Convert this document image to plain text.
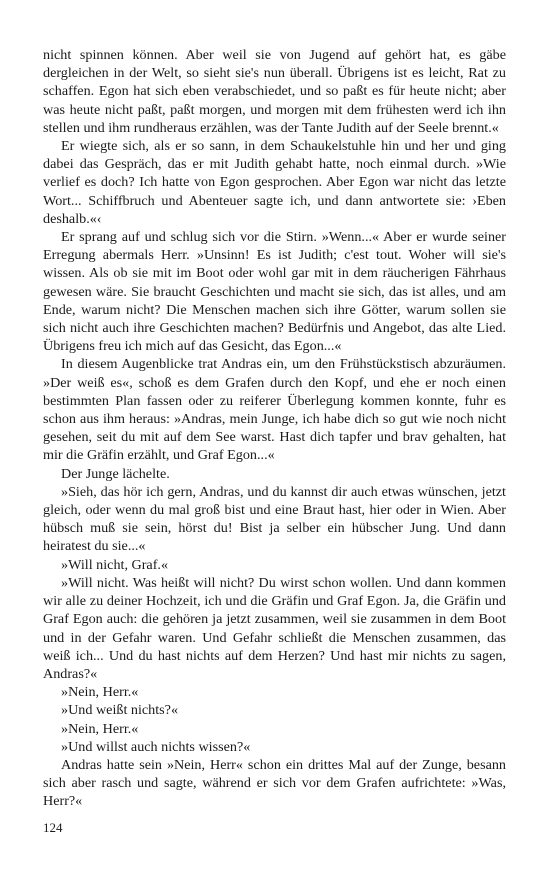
nicht spinnen können. Aber weil sie von Jugend auf gehört hat, es gäbe dergleichen in der Welt, so sieht sie's nun überall. Übrigens ist es leicht, Rat zu schaffen. Egon hat sich eben verabschiedet, und so paßt es für heute nicht; aber was heute nicht paßt, paßt morgen, und morgen mit dem frühesten werd ich ihn stellen und ihm rundheraus erzählen, was der Tante Judith auf der Seele brennt.«

Er wiegte sich, als er so sann, in dem Schaukelstuhle hin und her und ging dabei das Gespräch, das er mit Judith gehabt hatte, noch einmal durch. »Wie verlief es doch? Ich hatte von Egon gesprochen. Aber Egon war nicht das letzte Wort... Schiffbruch und Abenteuer sagte ich, und dann antwortete sie: ›Eben deshalb.«‹

Er sprang auf und schlug sich vor die Stirn. »Wenn...« Aber er wurde seiner Erregung abermals Herr. »Unsinn! Es ist Judith; c'est tout. Woher will sie's wissen. Als ob sie mit im Boot oder wohl gar mit in dem räucherigen Fährhaus gewesen wäre. Sie braucht Geschichten und macht sie sich, das ist alles, und am Ende, warum nicht? Die Menschen machen sich ihre Götter, warum sollen sie sich nicht auch ihre Geschichten machen? Bedürfnis und Angebot, das alte Lied. Übrigens freu ich mich auf das Gesicht, das Egon...«

In diesem Augenblicke trat Andras ein, um den Frühstückstisch abzuräumen. »Der weiß es«, schoß es dem Grafen durch den Kopf, und ehe er noch einen bestimmten Plan fassen oder zu reiferer Überlegung kommen konnte, fuhr es schon aus ihm heraus: »Andras, mein Junge, ich habe dich so gut wie noch nicht gesehen, seit du mit auf dem See warst. Hast dich tapfer und brav gehalten, hat mir die Gräfin erzählt, und Graf Egon...«

Der Junge lächelte.

»Sieh, das hör ich gern, Andras, und du kannst dir auch etwas wünschen, jetzt gleich, oder wenn du mal groß bist und eine Braut hast, hier oder in Wien. Aber hübsch muß sie sein, hörst du! Bist ja selber ein hübscher Jung. Und dann heiratest du sie...«

»Will nicht, Graf.«

»Will nicht. Was heißt will nicht? Du wirst schon wollen. Und dann kommen wir alle zu deiner Hochzeit, ich und die Gräfin und Graf Egon. Ja, die Gräfin und Graf Egon auch: die gehören ja jetzt zusammen, weil sie zusammen in dem Boot und in der Gefahr waren. Und Gefahr schließt die Menschen zusammen, das weiß ich... Und du hast nichts auf dem Herzen? Und hast mir nichts zu sagen, Andras?«

»Nein, Herr.«

»Und weißt nichts?«

»Nein, Herr.«

»Und willst auch nichts wissen?«

Andras hatte sein »Nein, Herr« schon ein drittes Mal auf der Zunge, besann sich aber rasch und sagte, während er sich vor dem Grafen aufrichtete: »Was, Herr?«

124
